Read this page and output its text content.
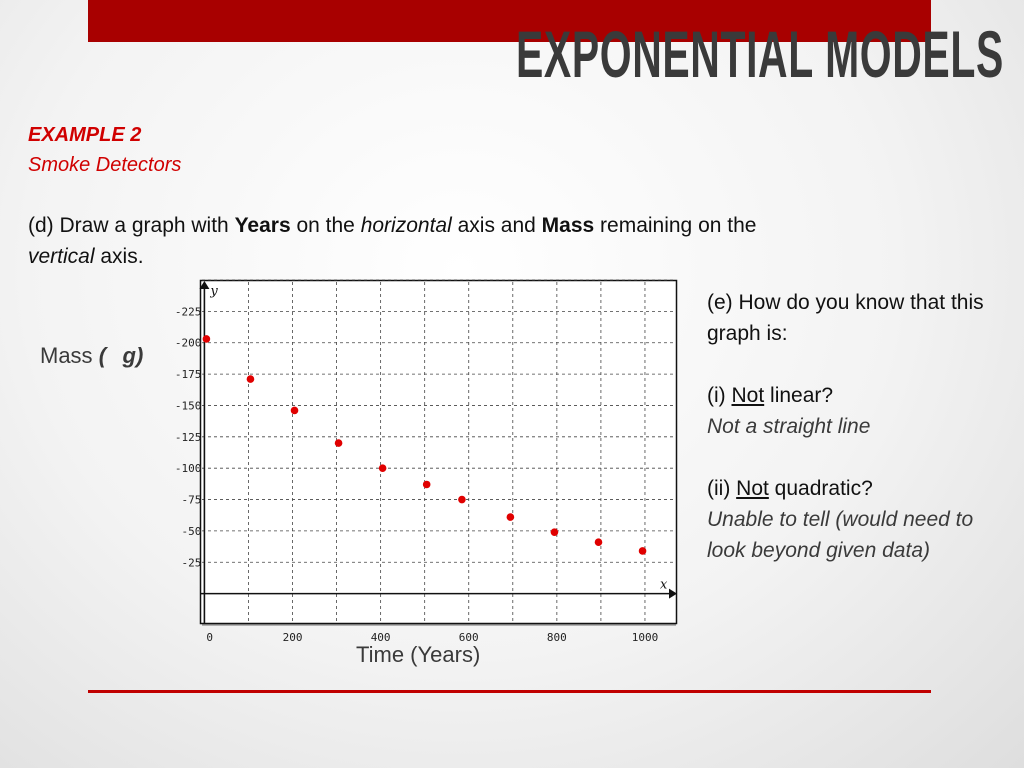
EXPONENTIAL MODELS
EXAMPLE 2
Smoke Detectors
(d) Draw a graph with Years on the horizontal axis and Mass remaining on the
vertical axis.
(e) How do you know that this graph is:
(i) Not linear?
Not a straight line
(ii) Not quadratic?
Unable to tell (would need to look beyond given data)
Mass ( g)
Time (Years)
y
x
-25
-50
-75
-100
-125
-150
-175
-200
-225
0	200	400	600	800	1000
